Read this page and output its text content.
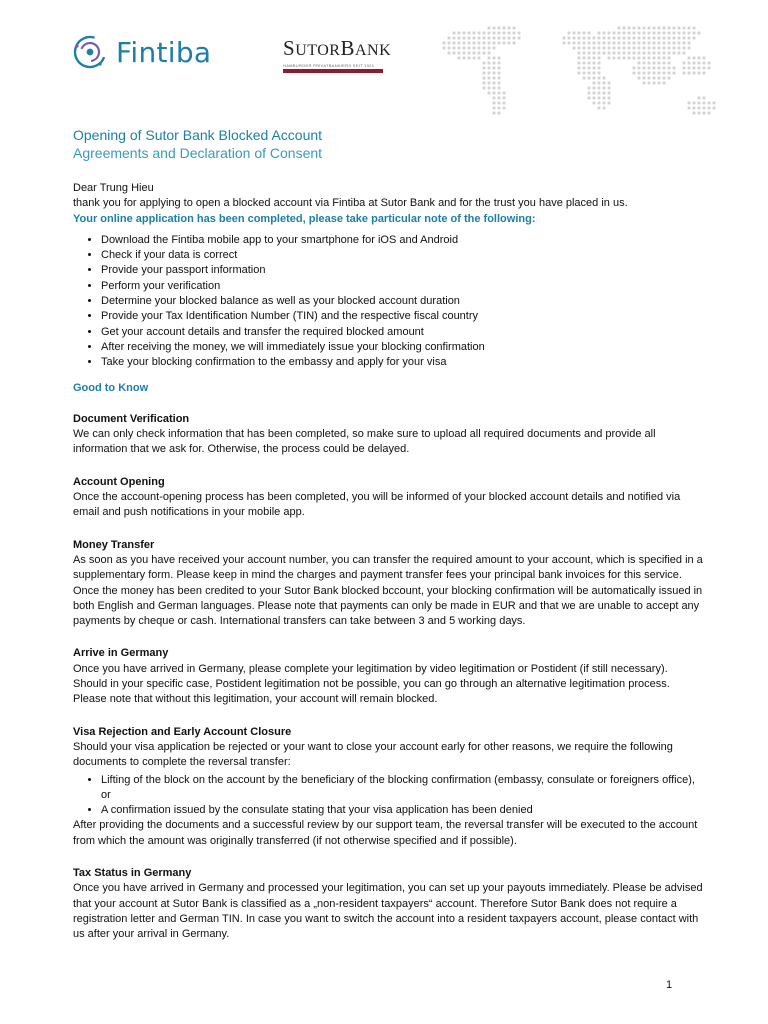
Fintiba	SUTORBANK
HAMBURGER PRIVATBANKIERS SEIT 1921
Opening of Sutor Bank Blocked Account
Agreements and Declaration of Consent

Dear Trung Hieu

thank you for applying to open a blocked account via Fintiba at Sutor Bank and for the trust you have placed in us.

Your online application has been completed, please take particular note of the following:

• Download the Fintiba mobile app to your smartphone for iOS and Android
• Check if your data is correct
• Provide your passport information
• Perform your verification
• Determine your blocked balance as well as your blocked account duration
• Provide your Tax Identification Number (TIN) and the respective fiscal country
• Get your account details and transfer the required blocked amount
• After receiving the money, we will immediately issue your blocking confirmation
• Take your blocking confirmation to the embassy and apply for your visa

Good to Know

Document Verification

We can only check information that has been completed, so make sure to upload all required documents and provide all information that we ask for. Otherwise, the process could be delayed.

Account Opening

Once the account-opening process has been completed, you will be informed of your blocked account details and notified via email and push notifications in your mobile app.

Money Transfer

As soon as you have received your account number, you can transfer the required amount to your account, which is specified in a supplementary form. Please keep in mind the charges and payment transfer fees your principal bank invoices for this service. Once the money has been credited to your Sutor Bank blocked bccount, your blocking confirmation will be automatically issued in both English and German languages. Please note that payments can only be made in EUR and that we are unable to accept any payments by cheque or cash. International transfers can take between 3 and 5 working days.

Arrive in Germany

Once you have arrived in Germany, please complete your legitimation by video legitimation or Postident (if still necessary). Should in your specific case, Postident legitimation not be possible, you can go through an alternative legitimation process. Please note that without this legitimation, your account will remain blocked.

Visa Rejection and Early Account Closure

Should your visa application be rejected or your want to close your account early for other reasons, we require the following documents to complete the reversal transfer:

• Lifting of the block on the account by the beneficiary of the blocking confirmation (embassy, consulate or foreigners office), or
• A confirmation issued by the consulate stating that your visa application has been denied

After providing the documents and a successful review by our support team, the reversal transfer will be executed to the account from which the amount was originally transferred (if not otherwise specified and if possible).

Tax Status in Germany

Once you have arrived in Germany and processed your legitimation, you can set up your payouts immediately. Please be advised that your account at Sutor Bank is classified as a „non-resident taxpayers“ account. Therefore Sutor Bank does not require a registration letter and German TIN. In case you want to switch the account into a resident taxpayers account, please contact with us after your arrival in Germany.

1
